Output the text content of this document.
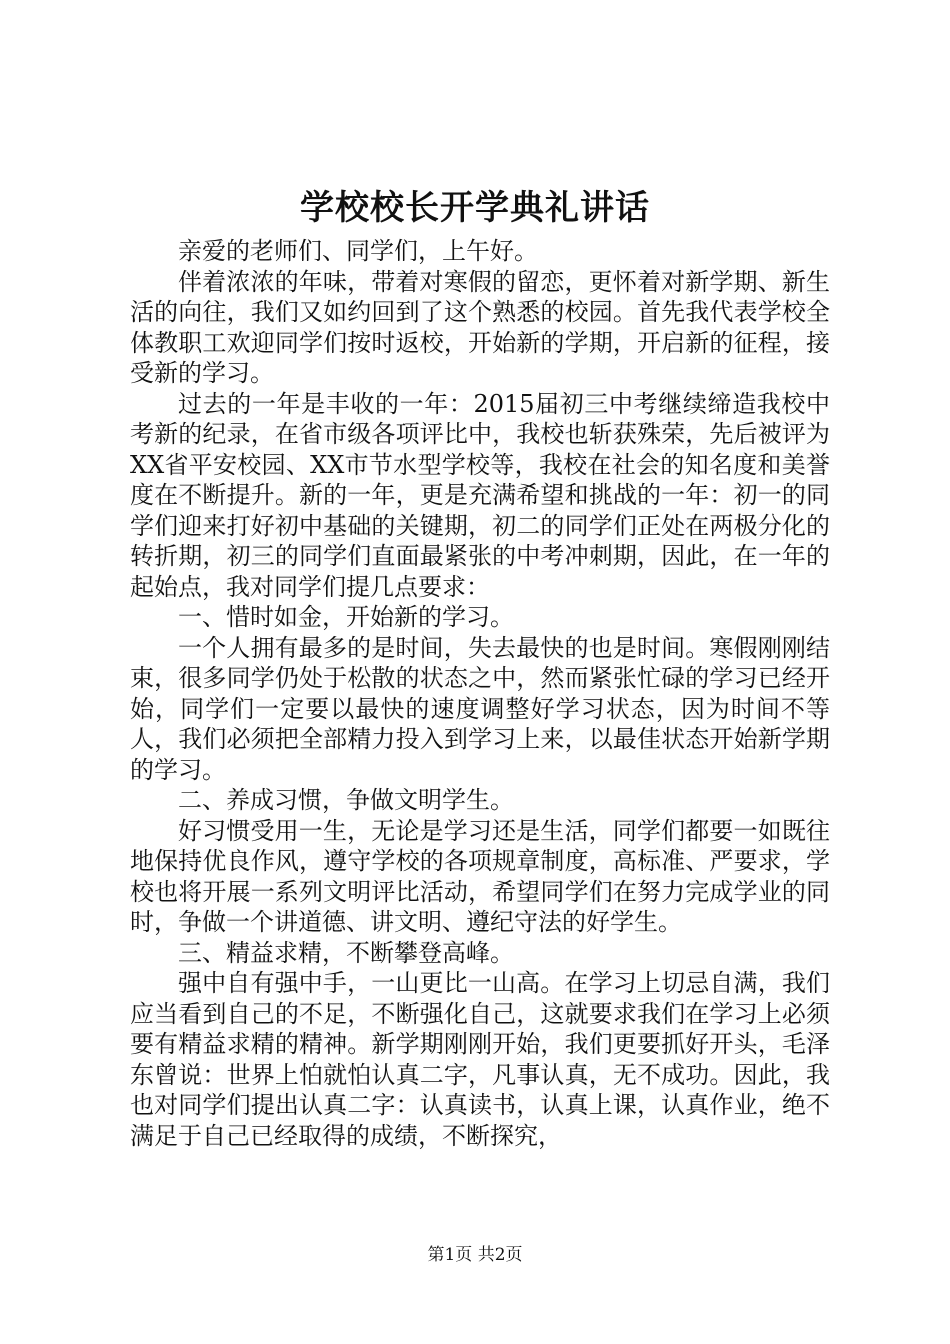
学校校长开学典礼讲话

亲爱的老师们、同学们，上午好。

伴着浓浓的年味，带着对寒假的留恋，更怀着对新学期、新生活的向往，我们又如约回到了这个熟悉的校园。首先我代表学校全体教职工欢迎同学们按时返校，开始新的学期，开启新的征程，接受新的学习。

过去的一年是丰收的一年：2015届初三中考继续缔造我校中考新的纪录，在省市级各项评比中，我校也斩获殊荣，先后被评为XX省平安校园、XX市节水型学校等，我校在社会的知名度和美誉度在不断提升。新的一年，更是充满希望和挑战的一年：初一的同学们迎来打好初中基础的关键期，初二的同学们正处在两极分化的转折期，初三的同学们直面最紧张的中考冲刺期，因此，在一年的起始点，我对同学们提几点要求：

一、惜时如金，开始新的学习。

一个人拥有最多的是时间，失去最快的也是时间。寒假刚刚结束，很多同学仍处于松散的状态之中，然而紧张忙碌的学习已经开始，同学们一定要以最快的速度调整好学习状态，因为时间不等人，我们必须把全部精力投入到学习上来，以最佳状态开始新学期的学习。

二、养成习惯，争做文明学生。

好习惯受用一生，无论是学习还是生活，同学们都要一如既往地保持优良作风，遵守学校的各项规章制度，高标准、严要求，学校也将开展一系列文明评比活动，希望同学们在努力完成学业的同时，争做一个讲道德、讲文明、遵纪守法的好学生。

三、精益求精，不断攀登高峰。

强中自有强中手，一山更比一山高。在学习上切忌自满，我们应当看到自己的不足，不断强化自己，这就要求我们在学习上必须要有精益求精的精神。新学期刚刚开始，我们更要抓好开头，毛泽东曾说：世界上怕就怕认真二字，凡事认真，无不成功。因此，我也对同学们提出认真二字：认真读书，认真上课，认真作业，绝不满足于自己已经取得的成绩，不断探究，

第1页 共2页
